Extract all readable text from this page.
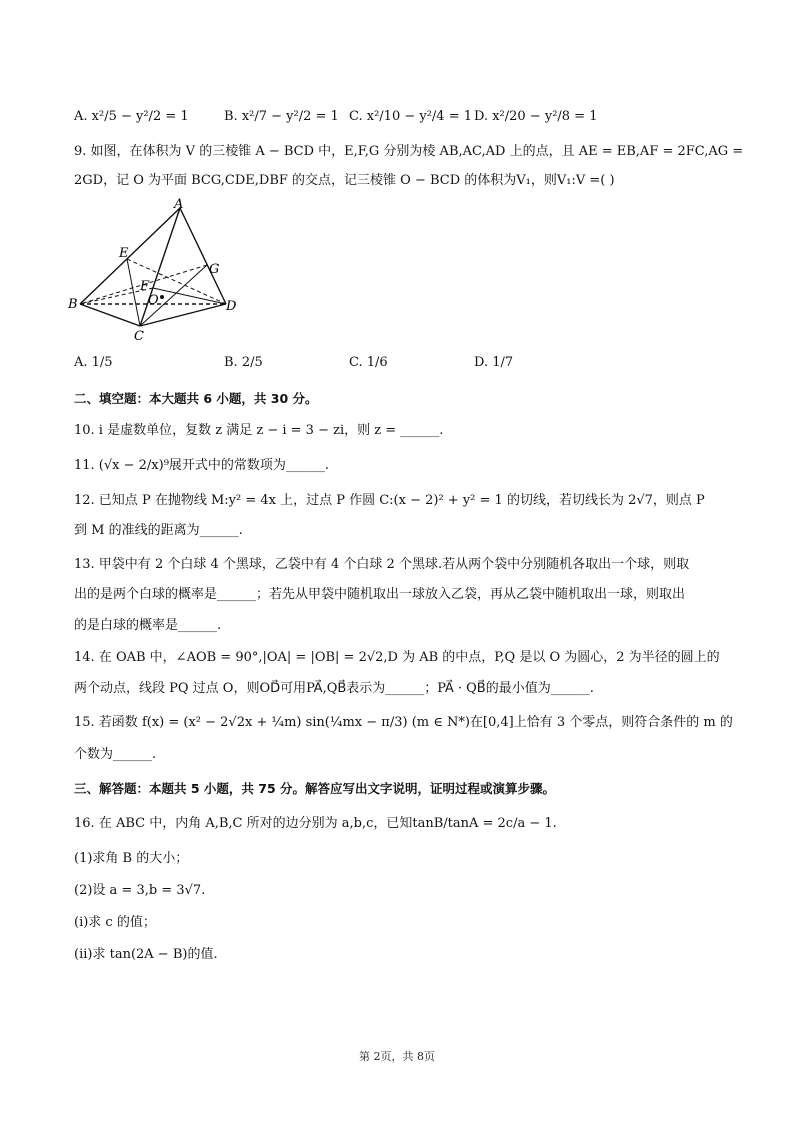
A. x²/5 − y²/2 = 1	B. x²/7 − y²/2 = 1 C. x²/10 − y²/4 = 1 D. x²/20 − y²/8 = 1
9. 如图，在体积为 V 的三棱锥 A − BCD 中，E,F,G 分别为棱 AB,AC,AD 上的点，且 AE = EB,AF = 2FC,AG =
2GD，记 O 为平面 BCG,CDE,DBF 的交点，记三棱锥 O − BCD 的体积为V₁，则V₁:V =( )
A
E
G
F
O
B	D
C
A. 1/5	B. 2/5	C. 1/6	D. 1/7
二、填空题：本大题共 6 小题，共 30 分。
10. i 是虚数单位，复数 z 满足 z − i = 3 − zi，则 z = ______.
11. (√x − 2/x)⁹展开式中的常数项为______.
12. 已知点 P 在抛物线 M:y² = 4x 上，过点 P 作圆 C:(x − 2)² + y² = 1 的切线，若切线长为 2√7，则点 P
到 M 的准线的距离为______.
13. 甲袋中有 2 个白球 4 个黑球，乙袋中有 4 个白球 2 个黑球.若从两个袋中分别随机各取出一个球，则取
出的是两个白球的概率是______；若先从甲袋中随机取出一球放入乙袋，再从乙袋中随机取出一球，则取出
的是白球的概率是______.
14. 在 OAB 中，∠AOB = 90°,|OA| = |OB| = 2√2,D 为 AB 的中点，P,Q 是以 O 为圆心，2 为半径的圆上的
两个动点，线段 PQ 过点 O，则OD⃗可用PA⃗,QB⃗表示为______；PA⃗ · QB⃗的最小值为______.
15. 若函数 f(x) = (x² − 2√2x + ¼m) sin(¼mx − π/3) (m ∈ N*)在[0,4]上恰有 3 个零点，则符合条件的 m 的
个数为______.
三、解答题：本题共 5 小题，共 75 分。解答应写出文字说明，证明过程或演算步骤。
16. 在 ABC 中，内角 A,B,C 所对的边分别为 a,b,c，已知tanB/tanA = 2c/a − 1.
(1)求角 B 的大小；
(2)设 a = 3,b = 3√7.
(i)求 c 的值；
(ii)求 tan(2A − B)的值.
第 2页，共 8页
